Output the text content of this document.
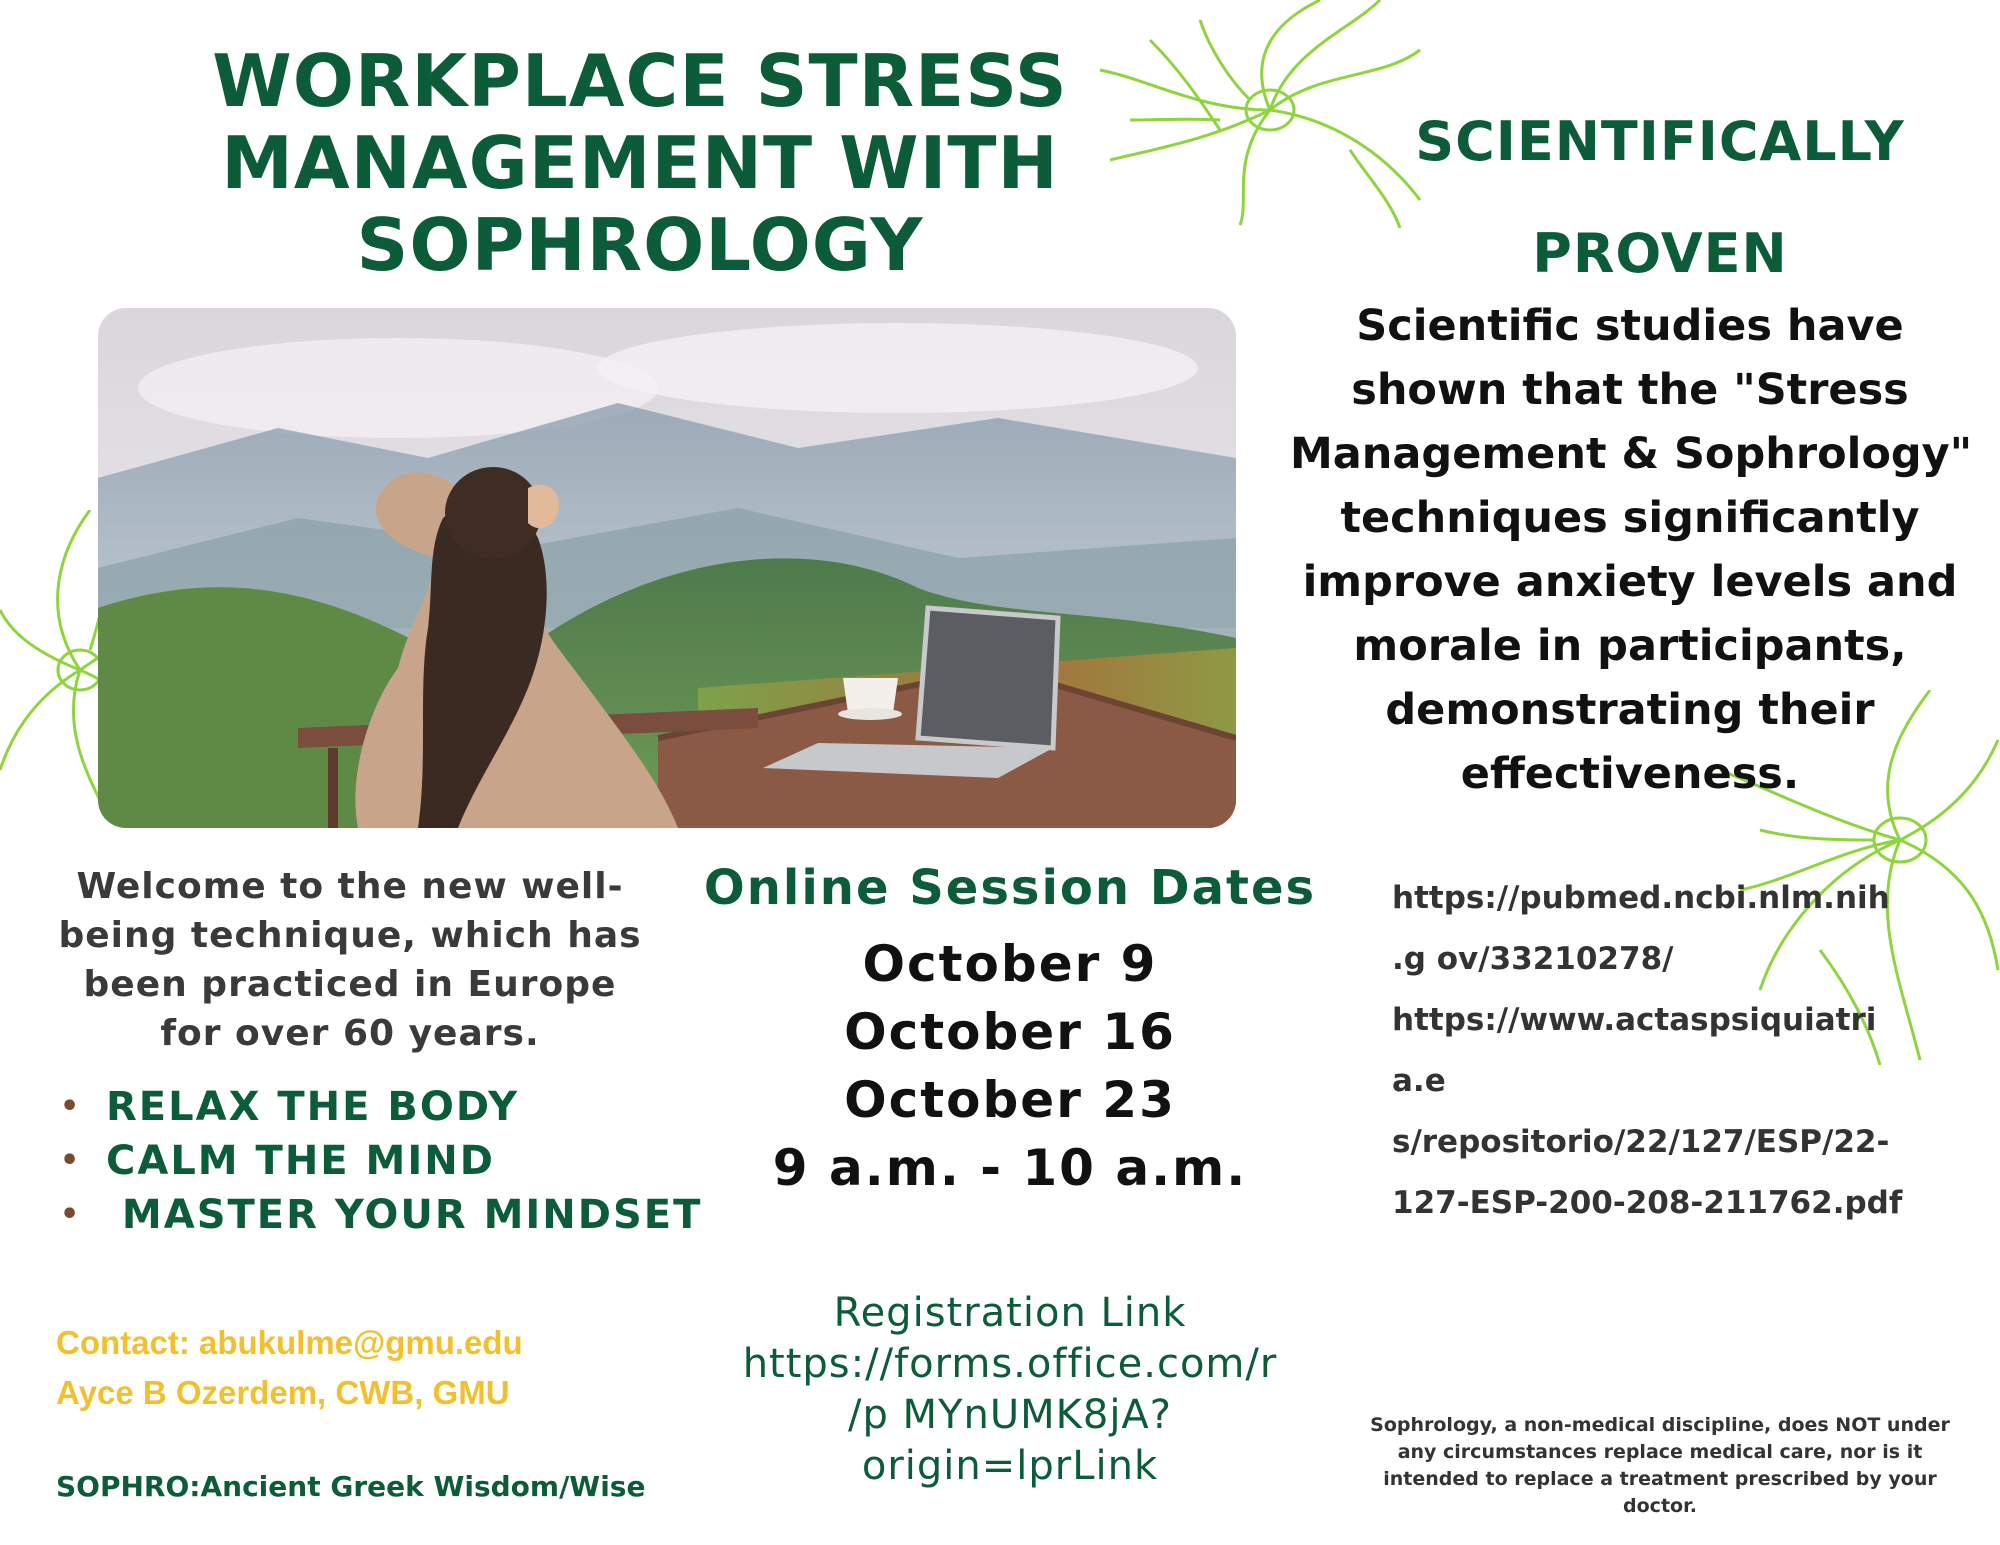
WORKPLACE STRESS
MANAGEMENT WITH
SOPHROLOGY
SCIENTIFICALLY
PROVEN
Scientific studies have
shown that the "Stress
Management & Sophrology"
techniques significantly
improve anxiety levels and
morale in participants,
demonstrating their
effectiveness.
Welcome to the new well-
being technique, which has
been practiced in Europe
for over 60 years.
• RELAX THE BODY
• CALM THE MIND
• MASTER YOUR MINDSET
Contact: abukulme@gmu.edu
Ayce B Ozerdem, CWB, GMU
SOPHRO:Ancient Greek Wisdom/Wise
Online Session Dates
October 9
October 16
October 23
9 a.m. - 10 a.m.
Registration Link
https://forms.office.com/r
/p MYnUMK8jA?
origin=lprLink
https://pubmed.ncbi.nlm.nih
.g ov/33210278/
https://www.actaspsiquiatri
a.e
s/repositorio/22/127/ESP/22-
127-ESP-200-208-211762.pdf
Sophrology, a non-medical discipline, does NOT under
any circumstances replace medical care, nor is it
intended to replace a treatment prescribed by your
doctor.
